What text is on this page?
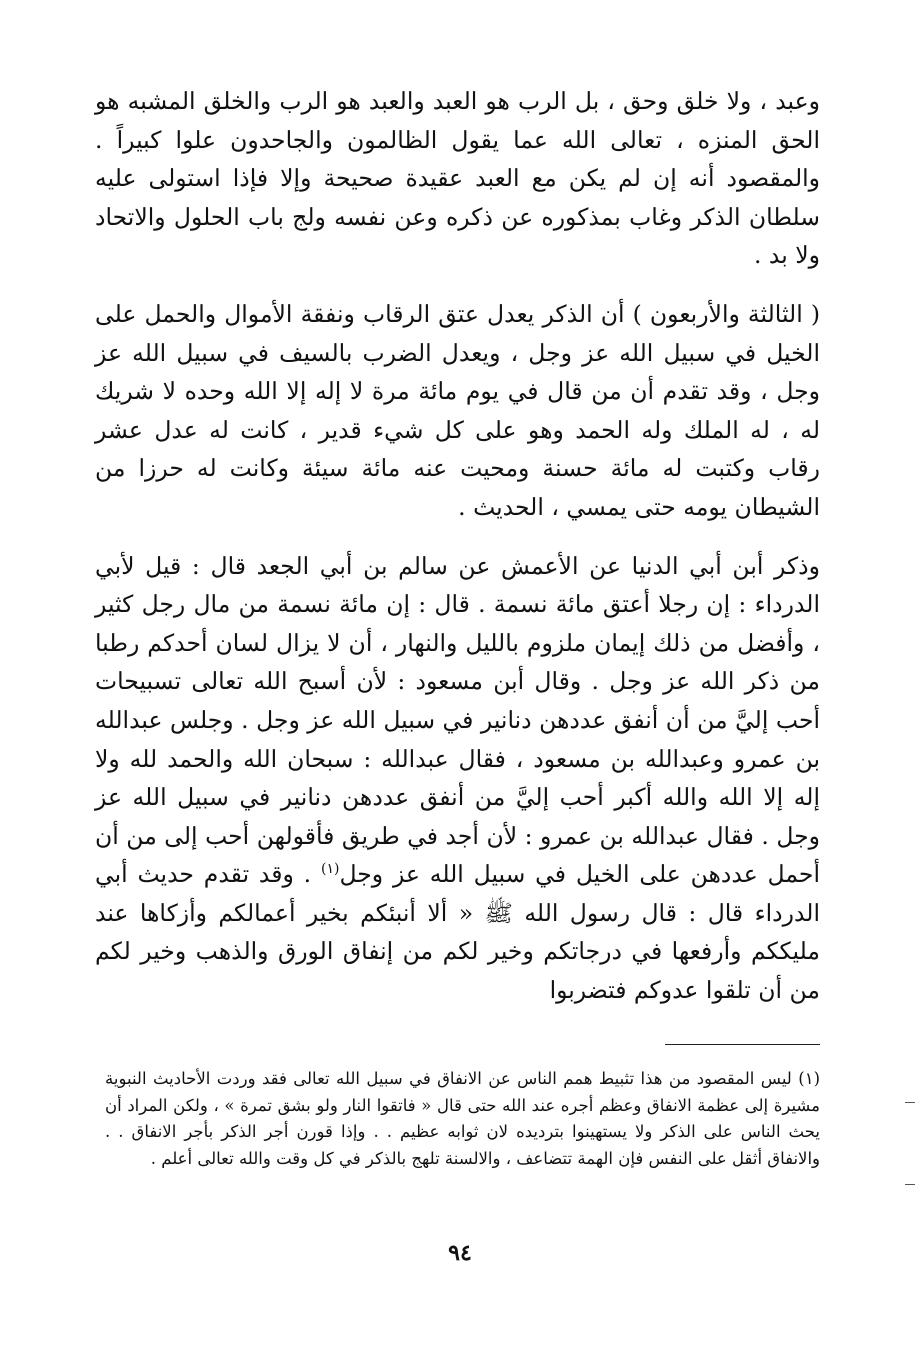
وعبد ، ولا خلق وحق ، بل الرب هو العبد والعبد هو الرب والخلق المشبه هو الحق المنزه ، تعالى الله عما يقول الظالمون والجاحدون علوا كبيراً . والمقصود أنه إن لم يكن مع العبد عقيدة صحيحة وإلا فإذا استولى عليه سلطان الذكر وغاب بمذكوره عن ذكره وعن نفسه ولج باب الحلول والاتحاد ولا بد .

( الثالثة والأربعون ) أن الذكر يعدل عتق الرقاب ونفقة الأموال والحمل على الخيل في سبيل الله عز وجل ، ويعدل الضرب بالسيف في سبيل الله عز وجل ، وقد تقدم أن من قال في يوم مائة مرة لا إله إلا الله وحده لا شريك له ، له الملك وله الحمد وهو على كل شيء قدير ، كانت له عدل عشر رقاب وكتبت له مائة حسنة ومحيت عنه مائة سيئة وكانت له حرزا من الشيطان يومه حتى يمسي ، الحديث .

وذكر أبن أبي الدنيا عن الأعمش عن سالم بن أبي الجعد قال : قيل لأبي الدرداء : إن رجلا أعتق مائة نسمة . قال : إن مائة نسمة من مال رجل كثير ، وأفضل من ذلك إيمان ملزوم بالليل والنهار ، أن لا يزال لسان أحدكم رطبا من ذكر الله عز وجل . وقال أبن مسعود : لأن أسبح الله تعالى تسبيحات أحب إليَّ من أن أنفق عددهن دنانير في سبيل الله عز وجل . وجلس عبدالله بن عمرو وعبدالله بن مسعود ، فقال عبدالله : سبحان الله والحمد لله ولا إله إلا الله والله أكبر أحب إليَّ من أنفق عددهن دنانير في سبيل الله عز وجل . فقال عبدالله بن عمرو : لأن أجد في طريق فأقولهن أحب إلى من أن أحمل عددهن على الخيل في سبيل الله عز وجل$^{(١)}$ . وقد تقدم حديث أبي الدرداء قال : قال رسول الله ﷺ « ألا أنبئكم بخير أعمالكم وأزكاها عند مليككم وأرفعها في درجاتكم وخير لكم من إنفاق الورق والذهب وخير لكم من أن تلقوا عدوكم فتضربوا

(١) ليس المقصود من هذا تثبيط همم الناس عن الانفاق في سبيل الله تعالى فقد وردت الأحاديث النبوية مشيرة إلى عظمة الانفاق وعظم أجره عند الله حتى قال « فاتقوا النار ولو بشق تمرة » ، ولكن المراد أن يحث الناس على الذكر ولا يستهينوا بترديده لان ثوابه عظيم . . وإذا قورن أجر الذكر بأجر الانفاق . . والانفاق أثقل على النفس فإن الهمة تتضاعف ، والالسنة تلهج بالذكر في كل وقت والله تعالى أعلم .

٩٤
